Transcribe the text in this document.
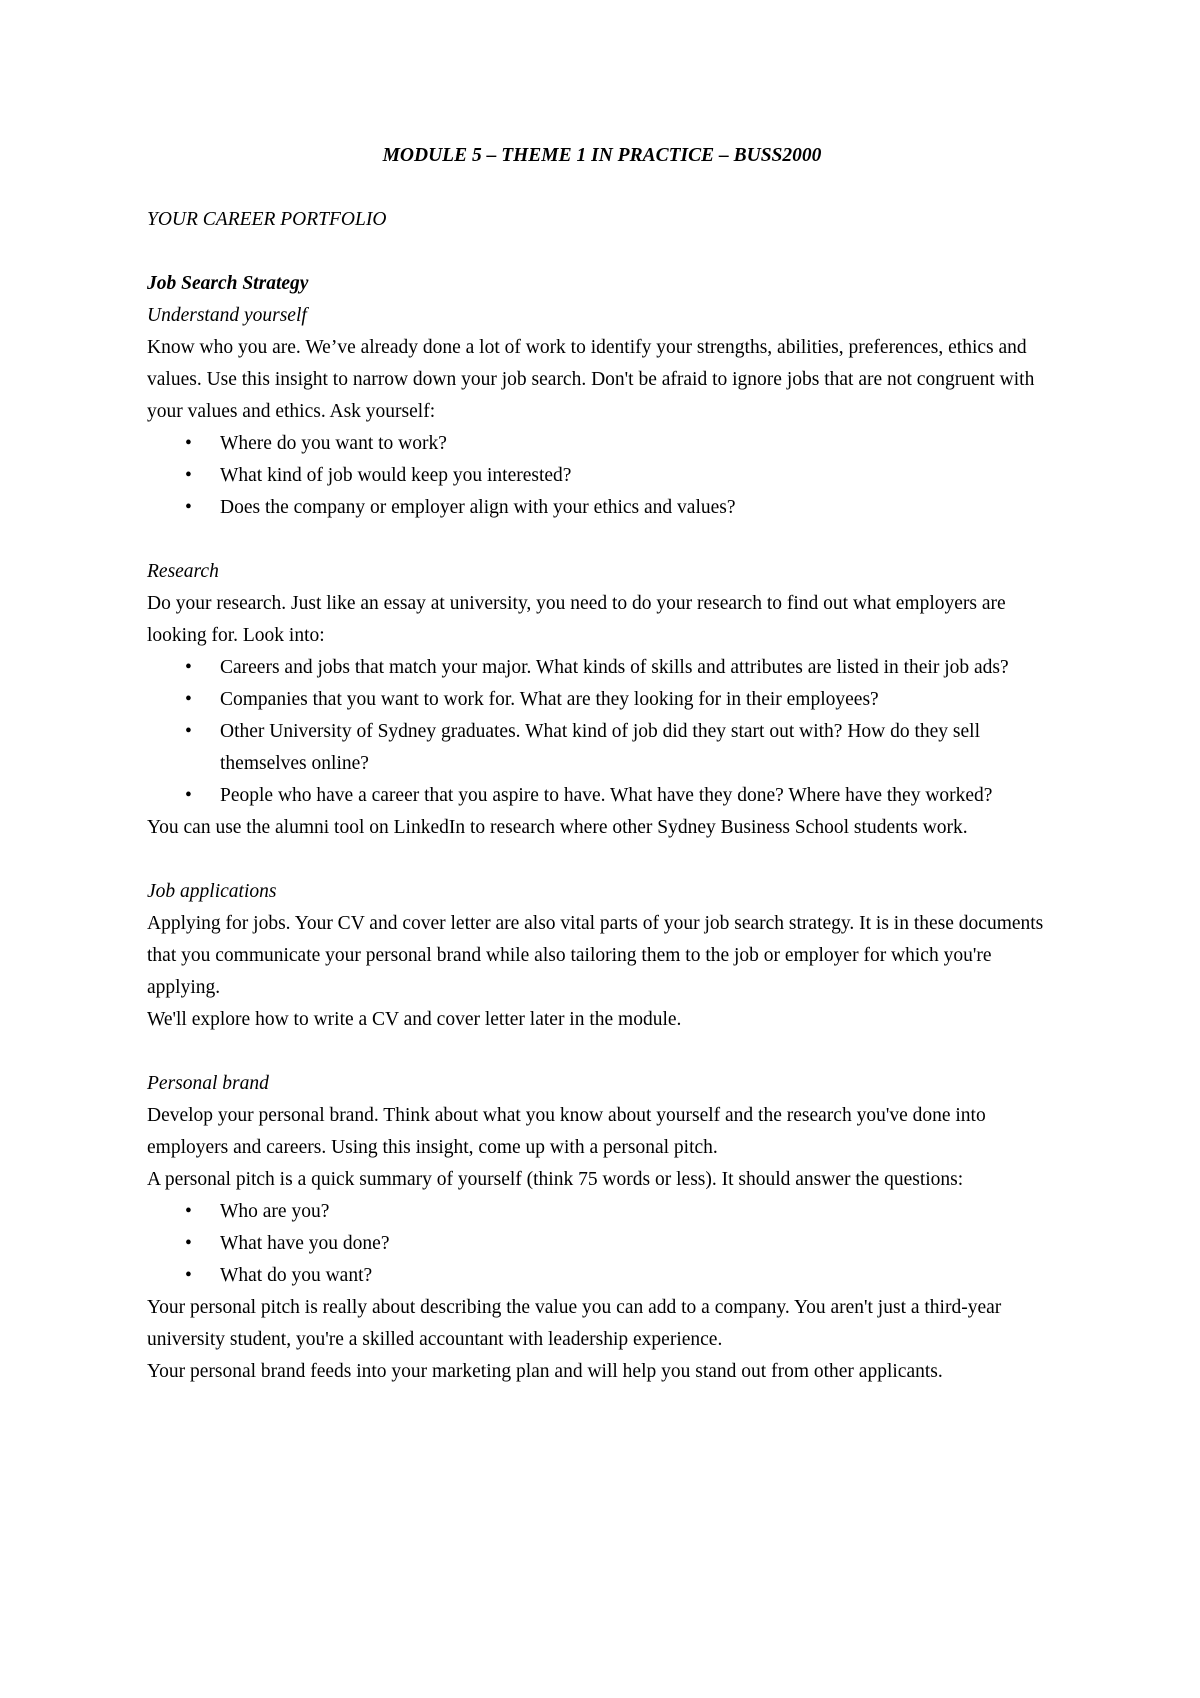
MODULE 5 – THEME 1 IN PRACTICE – BUSS2000

YOUR CAREER PORTFOLIO

Job Search Strategy

Understand yourself

Know who you are. We’ve already done a lot of work to identify your strengths, abilities, preferences, ethics and values. Use this insight to narrow down your job search. Don't be afraid to ignore jobs that are not congruent with your values and ethics. Ask yourself:

• Where do you want to work?
• What kind of job would keep you interested?
• Does the company or employer align with your ethics and values?

Research

Do your research. Just like an essay at university, you need to do your research to find out what employers are looking for. Look into:

• Careers and jobs that match your major. What kinds of skills and attributes are listed in their job ads?
• Companies that you want to work for. What are they looking for in their employees?
• Other University of Sydney graduates. What kind of job did they start out with? How do they sell themselves online?
• People who have a career that you aspire to have. What have they done? Where have they worked?

You can use the alumni tool on LinkedIn to research where other Sydney Business School students work.

Job applications

Applying for jobs. Your CV and cover letter are also vital parts of your job search strategy. It is in these documents that you communicate your personal brand while also tailoring them to the job or employer for which you're applying.

We'll explore how to write a CV and cover letter later in the module.

Personal brand

Develop your personal brand. Think about what you know about yourself and the research you've done into employers and careers. Using this insight, come up with a personal pitch.

A personal pitch is a quick summary of yourself (think 75 words or less). It should answer the questions:

• Who are you?
• What have you done?
• What do you want?

Your personal pitch is really about describing the value you can add to a company. You aren't just a third-year university student, you're a skilled accountant with leadership experience.

Your personal brand feeds into your marketing plan and will help you stand out from other applicants.
